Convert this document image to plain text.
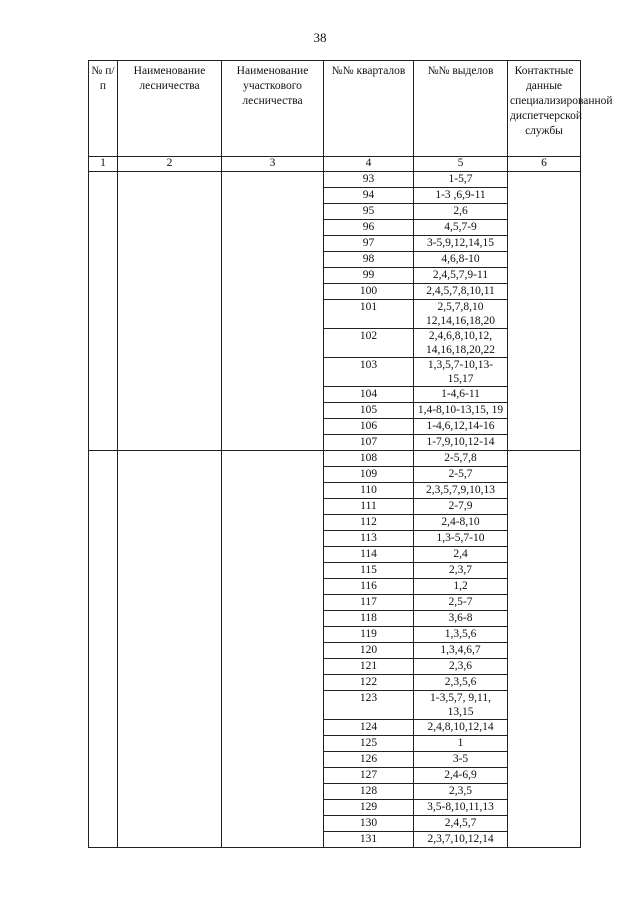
38
№ п/п	Наименование лесничества	Наименование участкового лесничества	№№ кварталов	№№ выделов	Контактные данные специализированной диспетчерской службы
1	2	3	4	5	6
			93	1-5,7	
			94	1-3 ,6,9-11	
			95	2,6	
			96	4,5,7-9	
			97	3-5,9,12,14,15	
			98	4,6,8-10	
			99	2,4,5,7,9-11	
			100	2,4,5,7,8,10,11	
			101	2,5,7,8,10 12,14,16,18,20	
			102	2,4,6,8,10,12, 14,16,18,20,22	
			103	1,3,5,7-10,13- 15,17	
			104	1-4,6-11	
			105	1,4-8,10-13,15, 19	
			106	1-4,6,12,14-16	
			107	1-7,9,10,12-14	
			108	2-5,7,8	
			109	2-5,7	
			110	2,3,5,7,9,10,13	
			111	2-7,9	
			112	2,4-8,10	
			113	1,3-5,7-10	
			114	2,4	
			115	2,3,7	
			116	1,2	
			117	2,5-7	
			118	3,6-8	
			119	1,3,5,6	
			120	1,3,4,6,7	
			121	2,3,6	
			122	2,3,5,6	
			123	1-3,5,7, 9,11, 13,15	
			124	2,4,8,10,12,14	
			125	1	
			126	3-5	
			127	2,4-6,9	
			128	2,3,5	
			129	3,5-8,10,11,13	
			130	2,4,5,7	
			131	2,3,7,10,12,14	
